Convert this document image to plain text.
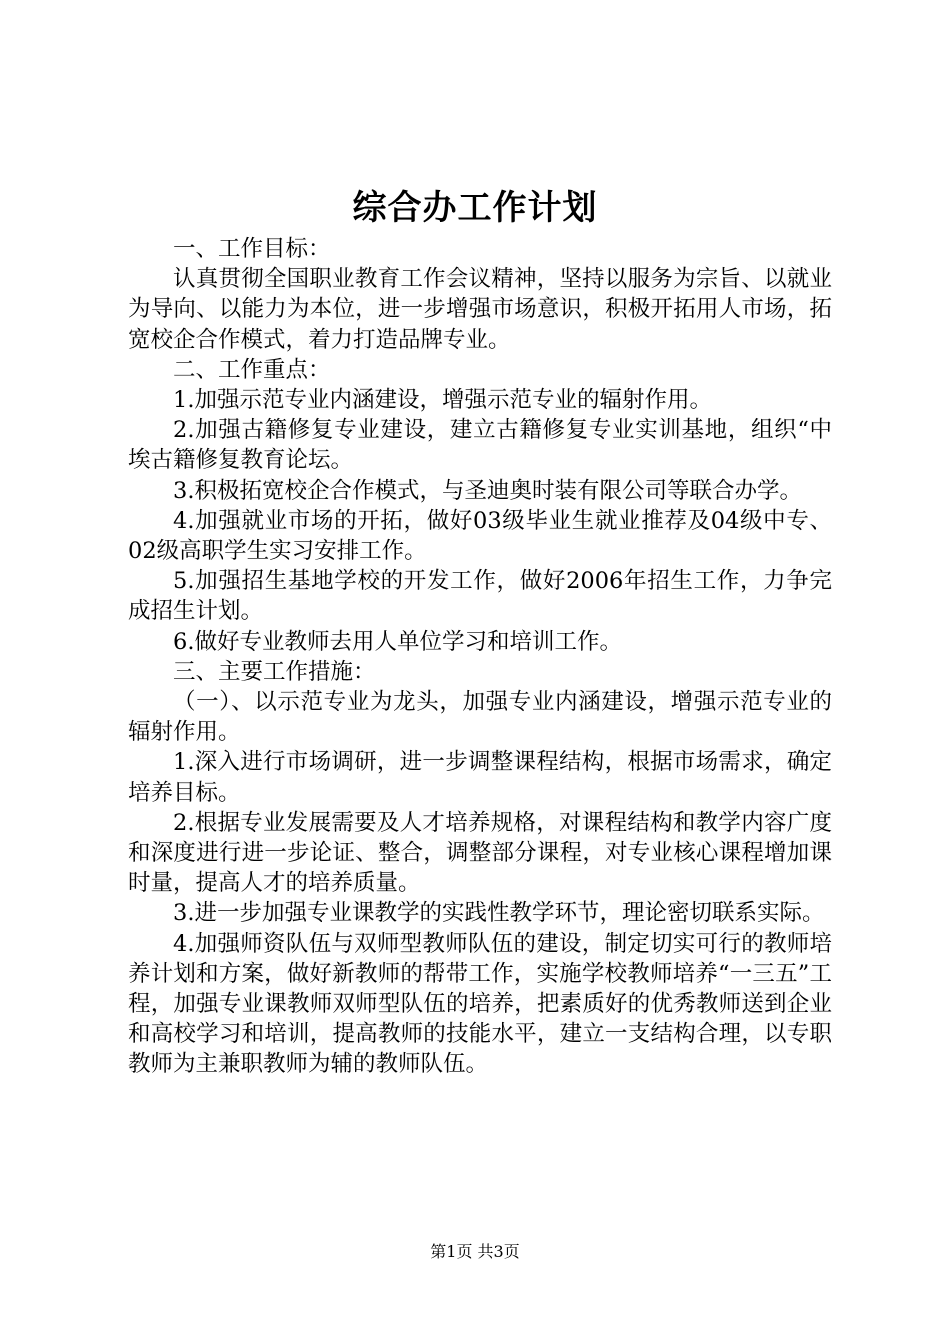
综合办工作计划

一、工作目标：

认真贯彻全国职业教育工作会议精神，坚持以服务为宗旨、以就业为导向、以能力为本位，进一步增强市场意识，积极开拓用人市场，拓宽校企合作模式，着力打造品牌专业。

二、工作重点：

1.加强示范专业内涵建设，增强示范专业的辐射作用。

2.加强古籍修复专业建设，建立古籍修复专业实训基地，组织“中埃古籍修复教育论坛。

3.积极拓宽校企合作模式，与圣迪奥时装有限公司等联合办学。

4.加强就业市场的开拓，做好03级毕业生就业推荐及04级中专、02级高职学生实习安排工作。

5.加强招生基地学校的开发工作，做好2006年招生工作，力争完成招生计划。

6.做好专业教师去用人单位学习和培训工作。

三、主要工作措施：

（一）、以示范专业为龙头，加强专业内涵建设，增强示范专业的辐射作用。

1.深入进行市场调研，进一步调整课程结构，根据市场需求，确定培养目标。

2.根据专业发展需要及人才培养规格，对课程结构和教学内容广度和深度进行进一步论证、整合，调整部分课程，对专业核心课程增加课时量，提高人才的培养质量。

3.进一步加强专业课教学的实践性教学环节，理论密切联系实际。

4.加强师资队伍与双师型教师队伍的建设，制定切实可行的教师培养计划和方案，做好新教师的帮带工作，实施学校教师培养“一三五”工程，加强专业课教师双师型队伍的培养，把素质好的优秀教师送到企业和高校学习和培训，提高教师的技能水平，建立一支结构合理，以专职教师为主兼职教师为辅的教师队伍。

第1页 共3页
